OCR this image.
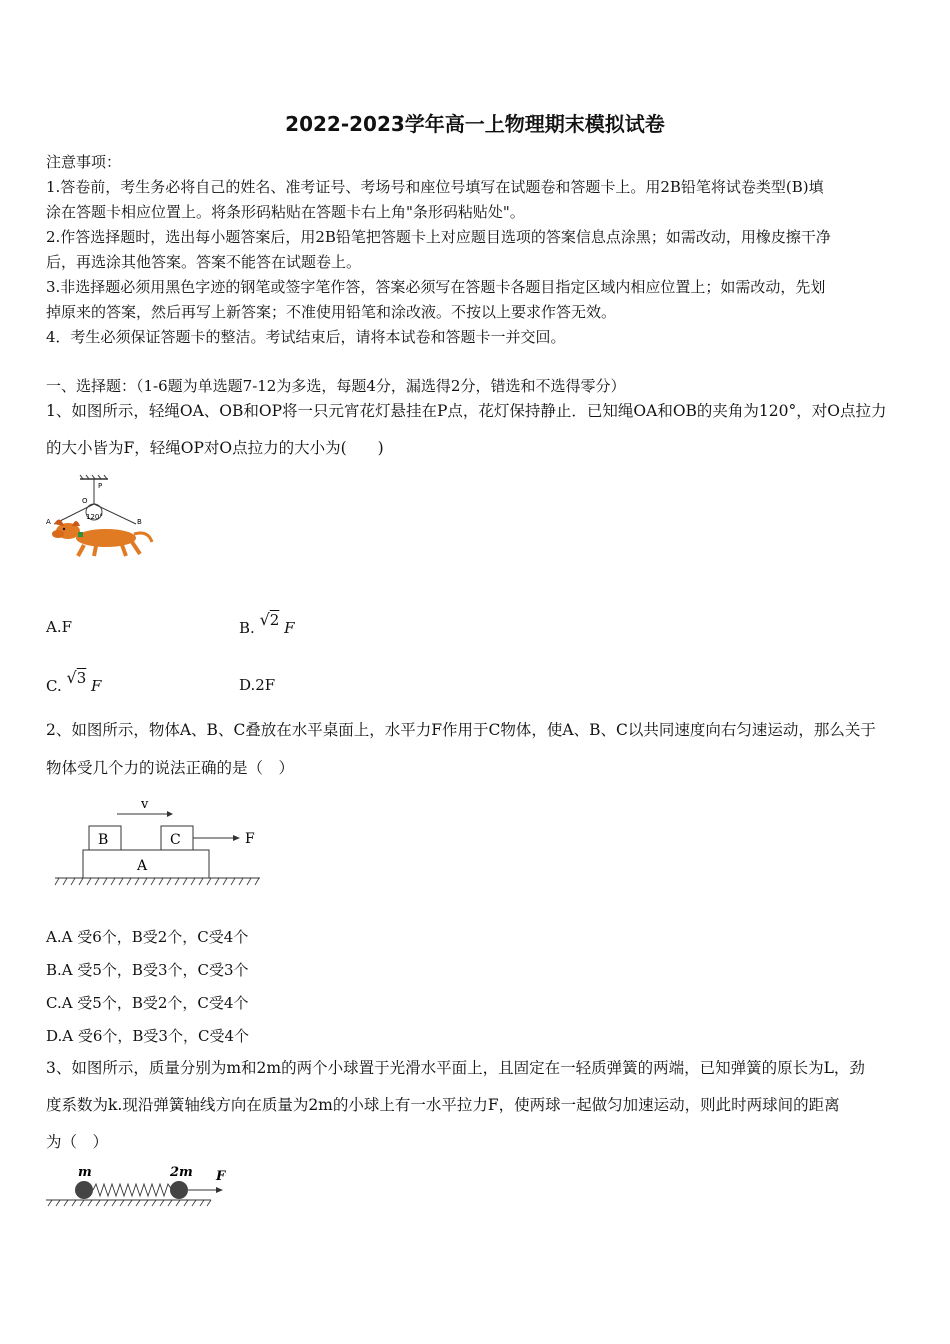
2022-2023学年高一上物理期末模拟试卷
注意事项：
1.答卷前，考生务必将自己的姓名、准考证号、考场号和座位号填写在试题卷和答题卡上。用2B铅笔将试卷类型(B)填
涂在答题卡相应位置上。将条形码粘贴在答题卡右上角"条形码粘贴处"。
2.作答选择题时，选出每小题答案后，用2B铅笔把答题卡上对应题目选项的答案信息点涂黑；如需改动，用橡皮擦干净
后，再选涂其他答案。答案不能答在试题卷上。
3.非选择题必须用黑色字迹的钢笔或签字笔作答，答案必须写在答题卡各题目指定区域内相应位置上；如需改动，先划
掉原来的答案，然后再写上新答案；不准使用铅笔和涂改液。不按以上要求作答无效。
4．考生必须保证答题卡的整洁。考试结束后，请将本试卷和答题卡一并交回。
一、选择题：（1-6题为单选题7-12为多选，每题4分，漏选得2分，错选和不选得零分）
1、如图所示，轻绳OA、OB和OP将一只元宵花灯悬挂在P点，花灯保持静止．已知绳OA和OB的夹角为120°，对O点拉力
的大小皆为F，轻绳OP对O点拉力的大小为(　　)
P
O
A	B
120°
A.F	B. √2 F
C. √3 F	D.2F
2、如图所示，物体A、B、C叠放在水平桌面上，水平力F作用于C物体，使A、B、C以共同速度向右匀速运动，那么关于
物体受几个力的说法正确的是（　）
v
B	C	F
A
A.A 受6个，B受2个，C受4个
B.A 受5个，B受3个，C受3个
C.A 受5个，B受2个，C受4个
D.A 受6个，B受3个，C受4个
3、如图所示，质量分别为m和2m的两个小球置于光滑水平面上，且固定在一轻质弹簧的两端，已知弹簧的原长为L，劲
度系数为k.现沿弹簧轴线方向在质量为2m的小球上有一水平拉力F，使两球一起做匀加速运动，则此时两球间的距离
为（　）
m	2m F
